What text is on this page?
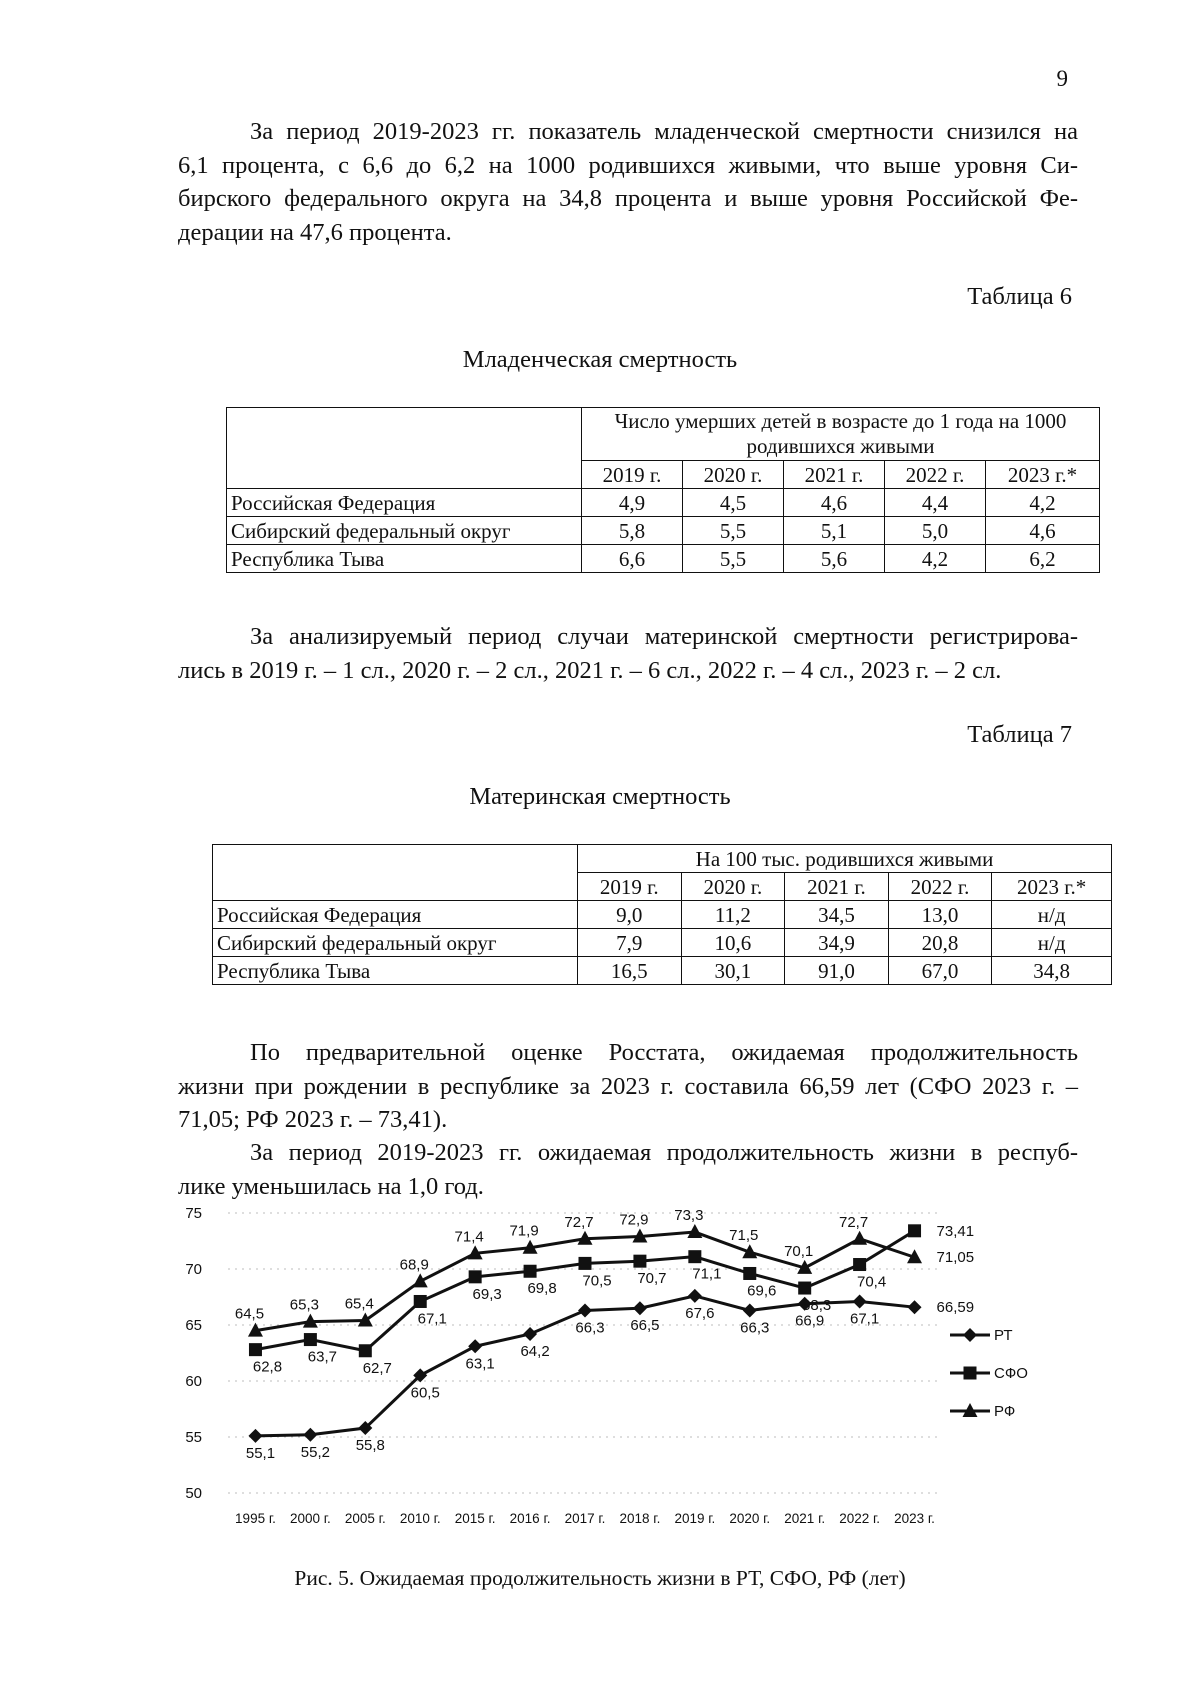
9
За период 2019-2023 гг. показатель младенческой смертности снизился на
6,1 процента, с 6,6 до 6,2 на 1000 родившихся живыми, что выше уровня Си-
бирского федерального округа на 34,8 процента и выше уровня Российской Фе-
дерации на 47,6 процента.
Таблица 6
Младенческая смертность
	Число умерших детей в возрасте до 1 года на 1000 родившихся живыми				
	2019 г.	2020 г.	2021 г.	2022 г.	2023 г.*
Российская Федерация	4,9	4,5	4,6	4,4	4,2
Сибирский федеральный округ	5,8	5,5	5,1	5,0	4,6
Республика Тыва	6,6	5,5	5,6	4,2	6,2
За анализируемый период случаи материнской смертности регистрирова-
лись в 2019 г. – 1 сл., 2020 г. – 2 сл., 2021 г. – 6 сл., 2022 г. – 4 сл., 2023 г. – 2 сл.
Таблица 7
Материнская смертность
	На 100 тыс. родившихся живыми				
	2019 г.	2020 г.	2021 г.	2022 г.	2023 г.*
Российская Федерация	9,0	11,2	34,5	13,0	н/д
Сибирский федеральный округ	7,9	10,6	34,9	20,8	н/д
Республика Тыва	16,5	30,1	91,0	67,0	34,8
По предварительной оценке Росстата, ожидаемая продолжительность
жизни при рождении в республике за 2023 г. составила 66,59 лет (СФО 2023 г. –
71,05; РФ 2023 г. – 73,41).
За период 2019-2023 гг. ожидаемая продолжительность жизни в респуб-
лике уменьшилась на 1,0 год.
50
55
60
65
70
75
1995 г. 2000 г. 2005 г. 2010 г. 2015 г. 2016 г. 2017 г. 2018 г. 2019 г. 2020 г. 2021 г. 2022 г. 2023 г.
55,1 55,2 55,8
60,5
63,1
64,2
66,3 66,5
67,6
66,3 66,9 67,1
66,59
62,8
63,7
62,7
67,1
69,3 69,8 70,5 70,7 71,1
69,6
68,3
70,4
73,41
64,5
65,3 65,4
68,9
71,4 71,9
72,7 72,9 73,3
71,5
70,1
72,7
71,05
РТ
СФО
РФ
Рис. 5. Ожидаемая продолжительность жизни в РТ, СФО, РФ (лет)
